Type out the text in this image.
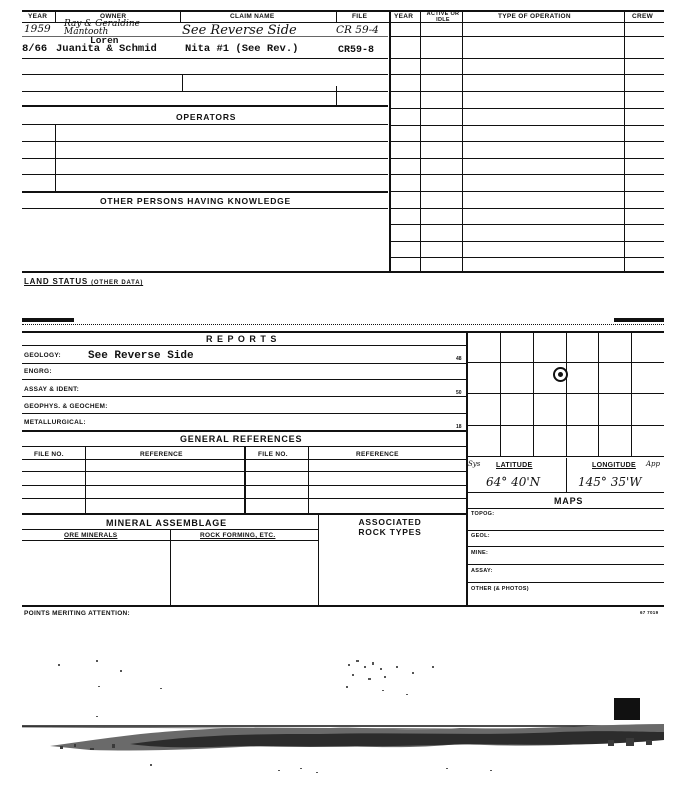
YEAR	OWNER	CLAIM NAME	FILE
1959 Ray & Geraldine Mantooth	See Reverse Side	CR 59-4
Loren
8/66 Juanita & Schmid	Nita #1 (See Rev.)	CR59-8
YEAR	ACTIVE OR IDLE	TYPE OF OPERATION	CREW
OPERATORS
OTHER PERSONS HAVING KNOWLEDGE
LAND STATUS (OTHER DATA)
R E P O R T S
GEOLOGY: See Reverse Side	48
ENGRG:
ASSAY & IDENT:	50
GEOPHYS. & GEOCHEM:
METALLURGICAL:
18
GENERAL REFERENCES
FILE NO.	REFERENCE	FILE NO.	REFERENCE
MINERAL ASSEMBLAGE	ASSOCIATED ROCK TYPES
ORE MINERALS	ROCK FORMING, ETC.
Sys LATITUDE	LONGITUDE App
64° 40'N	145° 35'W
MAPS
TOPOG:
GEOL:
MINE:
ASSAY:
OTHER (& PHOTOS)
POINTS MERITING ATTENTION:	67 7019
